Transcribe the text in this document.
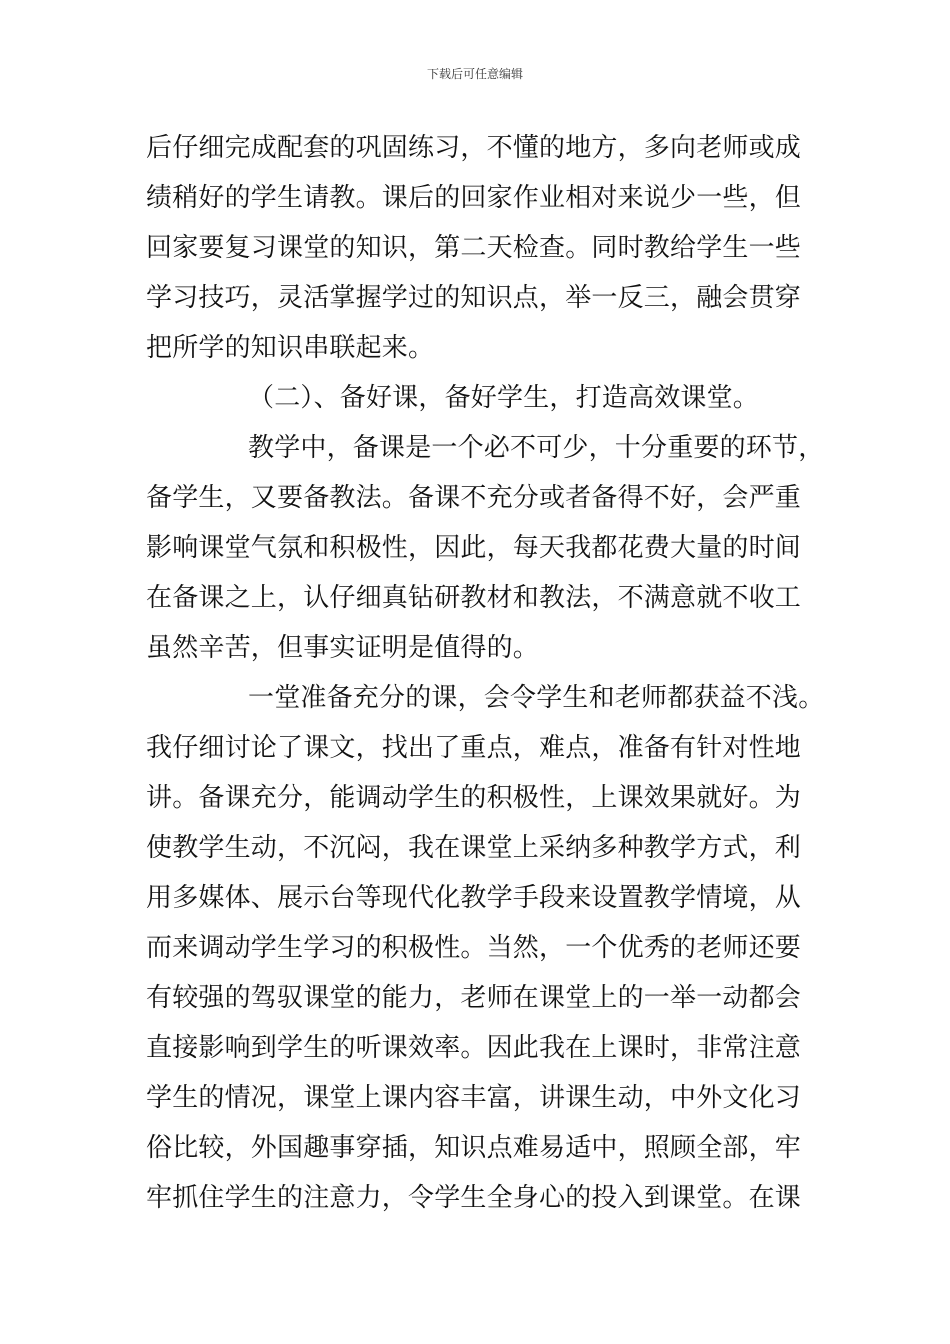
下载后可任意编辑
后仔细完成配套的巩固练习，不懂的地方，多向老师或成
绩稍好的学生请教。课后的回家作业相对来说少一些，但
回家要复习课堂的知识，第二天检查。同时教给学生一些
学习技巧，灵活掌握学过的知识点，举一反三，融会贯穿
把所学的知识串联起来。
（二）、备好课，备好学生，打造高效课堂。
教学中，备课是一个必不可少，十分重要的环节，
备学生，又要备教法。备课不充分或者备得不好，会严重
影响课堂气氛和积极性，因此，每天我都花费大量的时间
在备课之上，认仔细真钻研教材和教法，不满意就不收工
虽然辛苦，但事实证明是值得的。
一堂准备充分的课，会令学生和老师都获益不浅。
我仔细讨论了课文，找出了重点，难点，准备有针对性地
讲。备课充分，能调动学生的积极性，上课效果就好。为
使教学生动，不沉闷，我在课堂上采纳多种教学方式，利
用多媒体、展示台等现代化教学手段来设置教学情境，从
而来调动学生学习的积极性。当然，一个优秀的老师还要
有较强的驾驭课堂的能力，老师在课堂上的一举一动都会
直接影响到学生的听课效率。因此我在上课时，非常注意
学生的情况，课堂上课内容丰富，讲课生动，中外文化习
俗比较，外国趣事穿插，知识点难易适中，照顾全部，牢
牢抓住学生的注意力，令学生全身心的投入到课堂。在课
